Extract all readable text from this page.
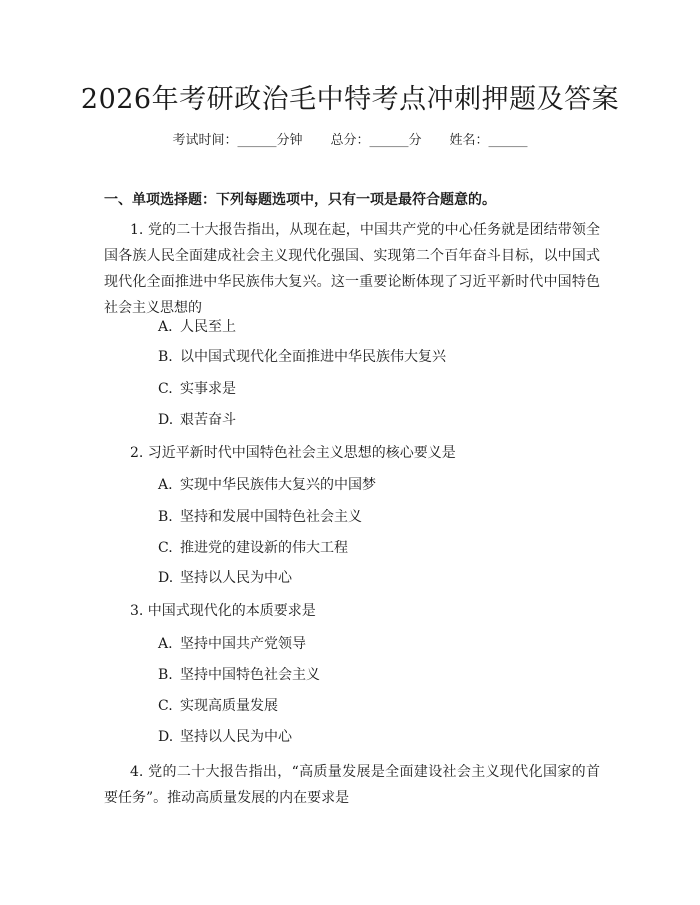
2026年考研政治毛中特考点冲刺押题及答案
考试时间：______分钟 总分：______分 姓名：______
一、单项选择题：下列每题选项中，只有一项是最符合题意的。
1. 党的二十大报告指出，从现在起，中国共产党的中心任务就是团结带领全国各族人民全面建成社会主义现代化强国、实现第二个百年奋斗目标，以中国式现代化全面推进中华民族伟大复兴。这一重要论断体现了习近平新时代中国特色社会主义思想的
A. 人民至上
B. 以中国式现代化全面推进中华民族伟大复兴
C. 实事求是
D. 艰苦奋斗
2. 习近平新时代中国特色社会主义思想的核心要义是
A. 实现中华民族伟大复兴的中国梦
B. 坚持和发展中国特色社会主义
C. 推进党的建设新的伟大工程
D. 坚持以人民为中心
3. 中国式现代化的本质要求是
A. 坚持中国共产党领导
B. 坚持中国特色社会主义
C. 实现高质量发展
D. 坚持以人民为中心
4. 党的二十大报告指出，“高质量发展是全面建设社会主义现代化国家的首要任务”。推动高质量发展的内在要求是
